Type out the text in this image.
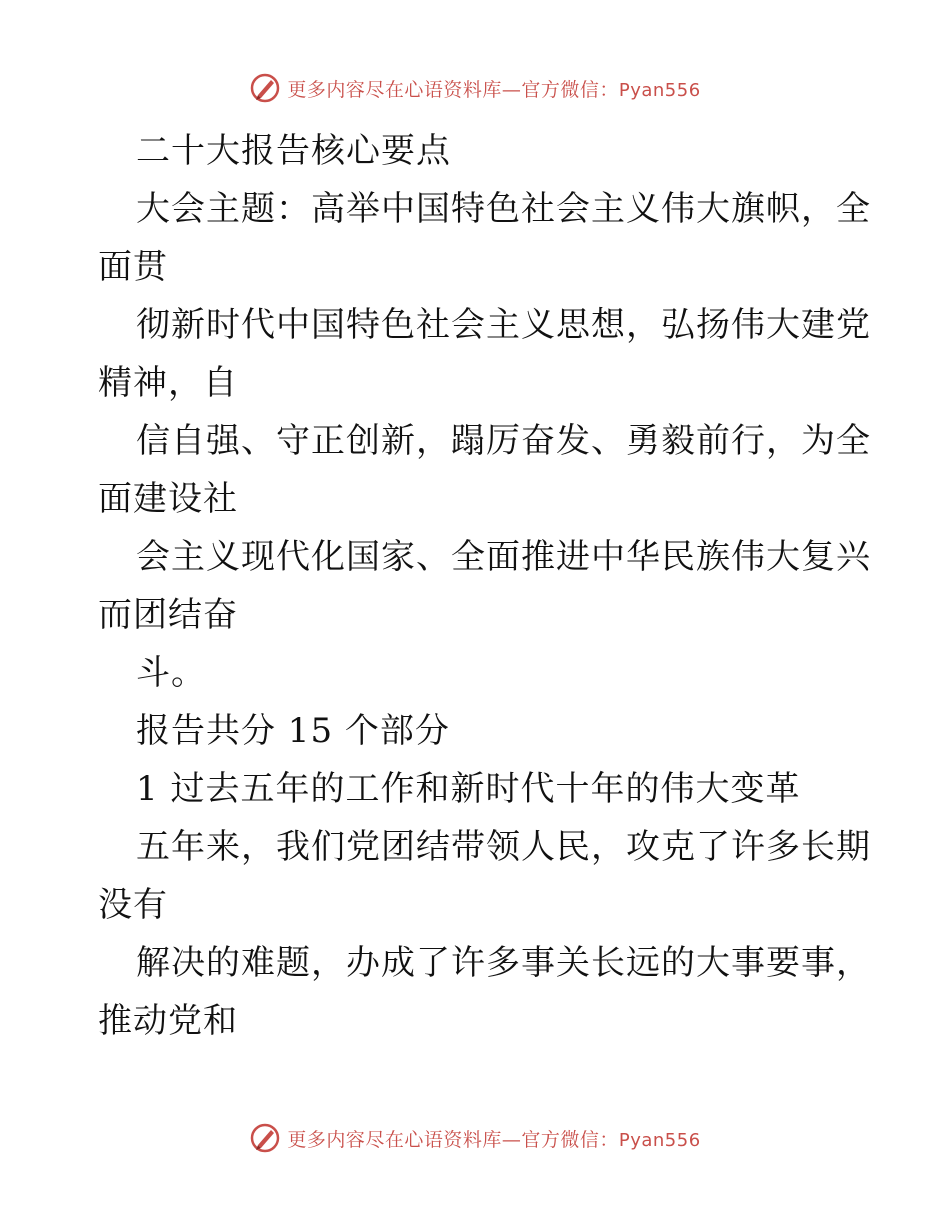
更多内容尽在心语资料库—官方微信：Pyan556
二十大报告核心要点
大会主题：高举中国特色社会主义伟大旗帜，全
面贯
彻新时代中国特色社会主义思想，弘扬伟大建党
精神，自
信自强、守正创新，蹋厉奋发、勇毅前行，为全
面建设社
会主义现代化国家、全面推进中华民族伟大复兴
而团结奋
斗。
报告共分 15 个部分
1 过去五年的工作和新时代十年的伟大变革
五年来，我们党团结带领人民，攻克了许多长期
没有
解决的难题，办成了许多事关长远的大事要事，
推动党和
更多内容尽在心语资料库—官方微信：Pyan556
